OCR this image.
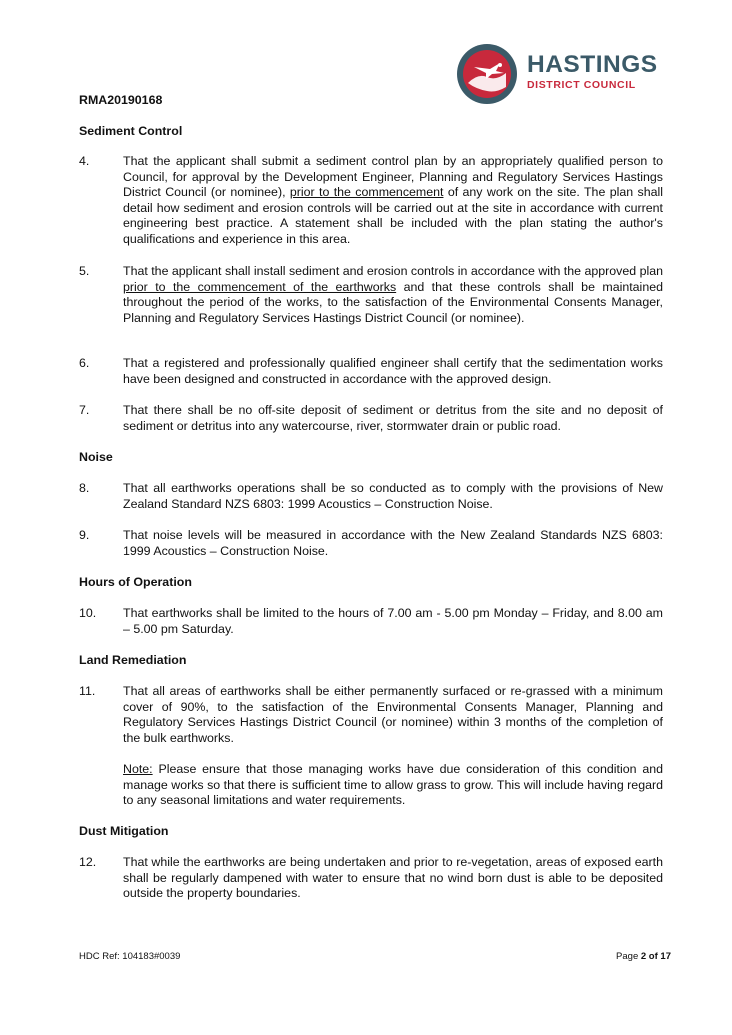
HASTINGS
DISTRICT COUNCIL
RMA20190168
Sediment Control
4.	That the applicant shall submit a sediment control plan by an appropriately qualified person to Council, for approval by the Development Engineer, Planning and Regulatory Services Hastings District Council (or nominee), prior to the commencement of any work on the site. The plan shall detail how sediment and erosion controls will be carried out at the site in accordance with current engineering best practice. A statement shall be included with the plan stating the author's qualifications and experience in this area.
5.	That the applicant shall install sediment and erosion controls in accordance with the approved plan prior to the commencement of the earthworks and that these controls shall be maintained throughout the period of the works, to the satisfaction of the Environmental Consents Manager, Planning and Regulatory Services Hastings District Council (or nominee).
6.	That a registered and professionally qualified engineer shall certify that the sedimentation works have been designed and constructed in accordance with the approved design.
7.	That there shall be no off-site deposit of sediment or detritus from the site and no deposit of sediment or detritus into any watercourse, river, stormwater drain or public road.
Noise
8.	That all earthworks operations shall be so conducted as to comply with the provisions of New Zealand Standard NZS 6803: 1999 Acoustics – Construction Noise.
9.	That noise levels will be measured in accordance with the New Zealand Standards NZS 6803: 1999 Acoustics – Construction Noise.
Hours of Operation
10. That earthworks shall be limited to the hours of 7.00 am - 5.00 pm Monday – Friday, and 8.00 am – 5.00 pm Saturday.
Land Remediation
11. That all areas of earthworks shall be either permanently surfaced or re-grassed with a minimum cover of 90%, to the satisfaction of the Environmental Consents Manager, Planning and Regulatory Services Hastings District Council (or nominee) within 3 months of the completion of the bulk earthworks.
Note: Please ensure that those managing works have due consideration of this condition and manage works so that there is sufficient time to allow grass to grow. This will include having regard to any seasonal limitations and water requirements.
Dust Mitigation
12. That while the earthworks are being undertaken and prior to re-vegetation, areas of exposed earth shall be regularly dampened with water to ensure that no wind born dust is able to be deposited outside the property boundaries.
HDC Ref: 104183#0039	Page 2 of 17
